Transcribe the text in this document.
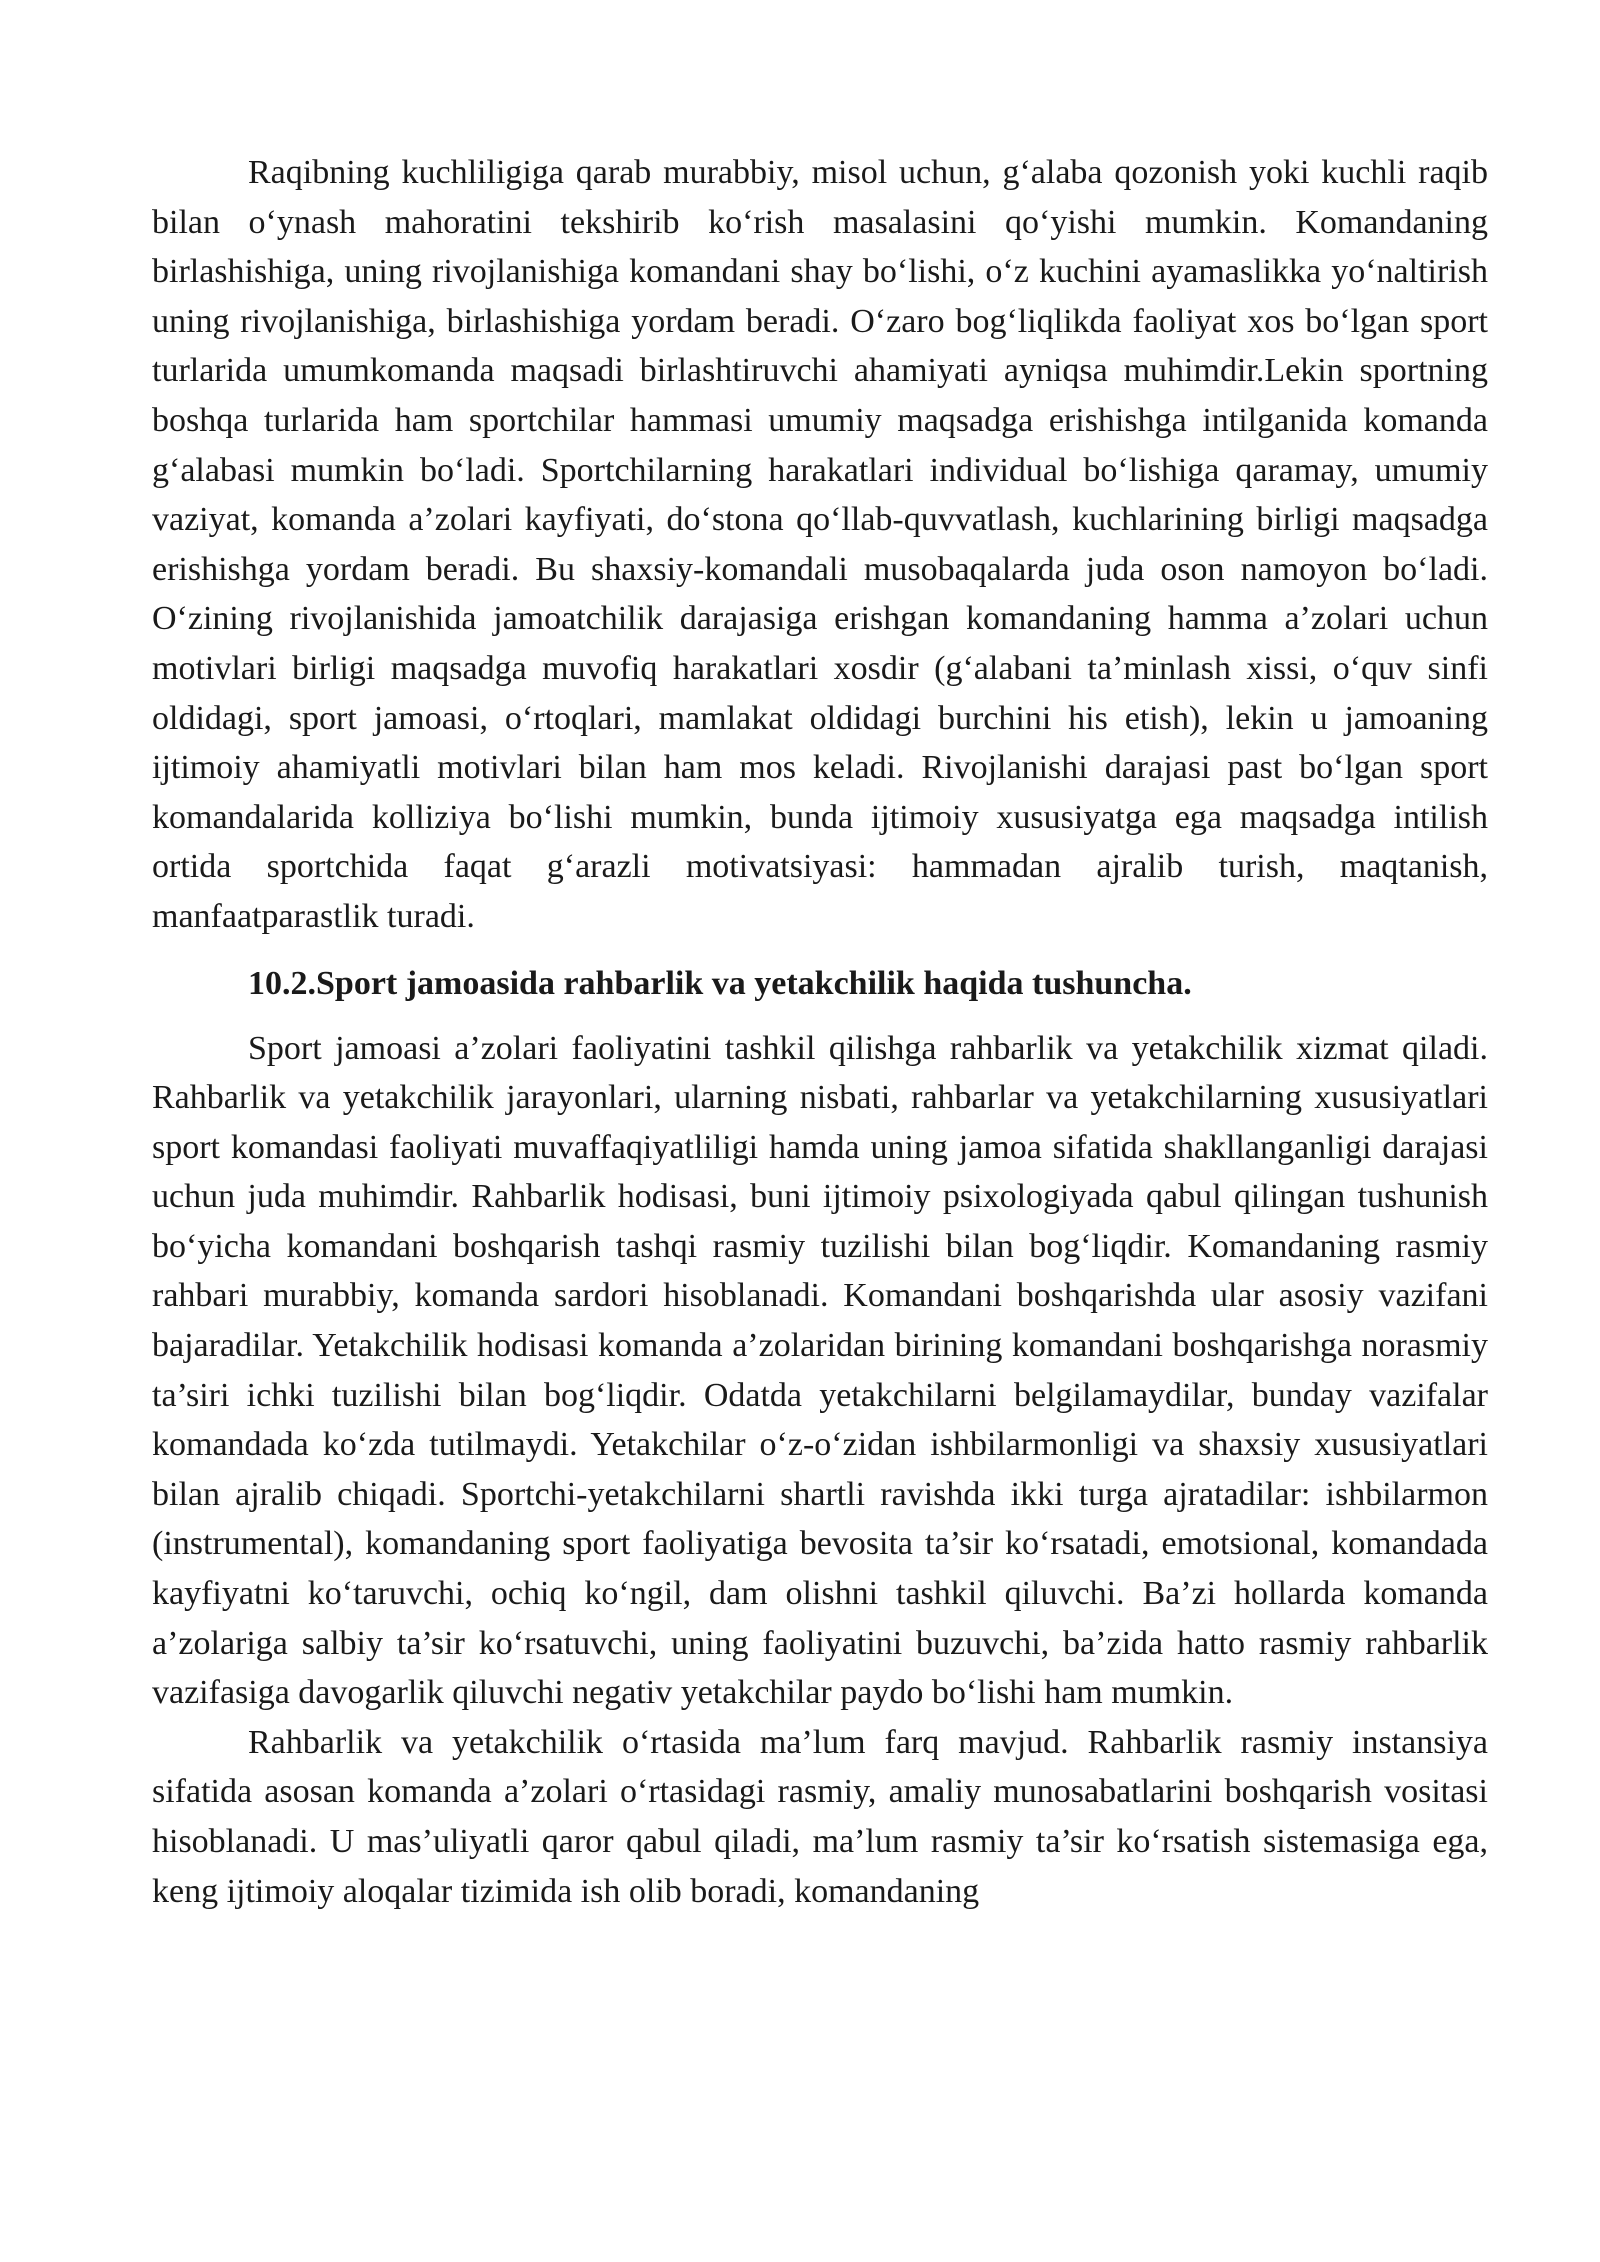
Raqibning kuchliligiga qarab murabbiy, misol uchun, g‘alaba qozonish yoki kuchli raqib bilan o‘ynash mahoratini tekshirib ko‘rish masalasini qo‘yishi mumkin. Komandaning birlashishiga, uning rivojlanishiga komandani shay bo‘lishi, o‘z kuchini ayamaslikka yo‘naltirish uning rivojlanishiga, birlashishiga yordam beradi. O‘zaro bog‘liqlikda faoliyat xos bo‘lgan sport turlarida umumkomanda maqsadi birlashtiruvchi ahamiyati ayniqsa muhimdir.Lekin sportning boshqa turlarida ham sportchilar hammasi umumiy maqsadga erishishga intilganida komanda g‘alabasi mumkin bo‘ladi. Sportchilarning harakatlari individual bo‘lishiga qaramay, umumiy vaziyat, komanda a’zolari kayfiyati, do‘stona qo‘llab-quvvatlash, kuchlarining birligi maqsadga erishishga yordam beradi. Bu shaxsiy-komandali musobaqalarda juda oson namoyon bo‘ladi. O‘zining rivojlanishida jamoatchilik darajasiga erishgan komandaning hamma a’zolari uchun motivlari birligi maqsadga muvofiq harakatlari xosdir (g‘alabani ta’minlash xissi, o‘quv sinfi oldidagi, sport jamoasi, o‘rtoqlari, mamlakat oldidagi burchini his etish), lekin u jamoaning ijtimoiy ahamiyatli motivlari bilan ham mos keladi. Rivojlanishi darajasi past bo‘lgan sport komandalarida kolliziya bo‘lishi mumkin, bunda ijtimoiy xususiyatga ega maqsadga intilish ortida sportchida faqat g‘arazli motivatsiyasi: hammadan ajralib turish, maqtanish, manfaatparastlik turadi.

10.2.Sport jamoasida rahbarlik va yetakchilik haqida tushuncha.

Sport jamoasi a’zolari faoliyatini tashkil qilishga rahbarlik va yetakchilik xizmat qiladi. Rahbarlik va yetakchilik jarayonlari, ularning nisbati, rahbarlar va yetakchilarning xususiyatlari sport komandasi faoliyati muvaffaqiyatliligi hamda uning jamoa sifatida shakllanganligi darajasi uchun juda muhimdir. Rahbarlik hodisasi, buni ijtimoiy psixologiyada qabul qilingan tushunish bo‘yicha komandani boshqarish tashqi rasmiy tuzilishi bilan bog‘liqdir. Komandaning rasmiy rahbari murabbiy, komanda sardori hisoblanadi. Komandani boshqarishda ular asosiy vazifani bajaradilar. Yetakchilik hodisasi komanda a’zolaridan birining komandani boshqarishga norasmiy ta’siri ichki tuzilishi bilan bog‘liqdir. Odatda yetakchilarni belgilamaydilar, bunday vazifalar komandada ko‘zda tutilmaydi. Yetakchilar o‘z-o‘zidan ishbilarmonligi va shaxsiy xususiyatlari bilan ajralib chiqadi. Sportchi-yetakchilarni shartli ravishda ikki turga ajratadilar: ishbilarmon (instrumental), komandaning sport faoliyatiga bevosita ta’sir ko‘rsatadi, emotsional, komandada kayfiyatni ko‘taruvchi, ochiq ko‘ngil, dam olishni tashkil qiluvchi. Ba’zi hollarda komanda a’zolariga salbiy ta’sir ko‘rsatuvchi, uning faoliyatini buzuvchi, ba’zida hatto rasmiy rahbarlik vazifasiga davogarlik qiluvchi negativ yetakchilar paydo bo‘lishi ham mumkin.

Rahbarlik va yetakchilik o‘rtasida ma’lum farq mavjud. Rahbarlik rasmiy instansiya sifatida asosan komanda a’zolari o‘rtasidagi rasmiy, amaliy munosabatlarini boshqarish vositasi hisoblanadi. U mas’uliyatli qaror qabul qiladi, ma’lum rasmiy ta’sir ko‘rsatish sistemasiga ega, keng ijtimoiy aloqalar tizimida ish olib boradi, komandaning
